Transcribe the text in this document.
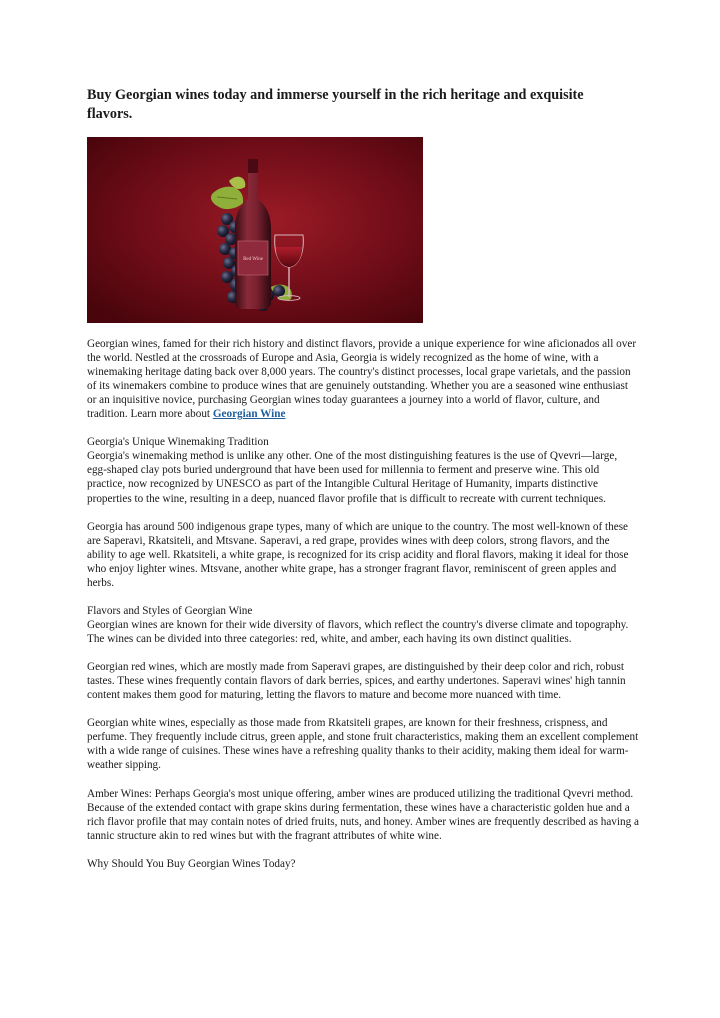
Buy Georgian wines today and immerse yourself in the rich heritage and exquisite flavors.
Red Wine

Georgian wines, famed for their rich history and distinct flavors, provide a unique experience for wine aficionados all over the world. Nestled at the crossroads of Europe and Asia, Georgia is widely recognized as the home of wine, with a winemaking heritage dating back over 8,000 years. The country's distinct processes, local grape varietals, and the passion of its winemakers combine to produce wines that are genuinely outstanding. Whether you are a seasoned wine enthusiast or an inquisitive novice, purchasing Georgian wines today guarantees a journey into a world of flavor, culture, and tradition. Learn more about Georgian Wine

Georgia's Unique Winemaking Tradition
Georgia's winemaking method is unlike any other. One of the most distinguishing features is the use of Qvevri—large, egg-shaped clay pots buried underground that have been used for millennia to ferment and preserve wine. This old practice, now recognized by UNESCO as part of the Intangible Cultural Heritage of Humanity, imparts distinctive properties to the wine, resulting in a deep, nuanced flavor profile that is difficult to recreate with current techniques.

Georgia has around 500 indigenous grape types, many of which are unique to the country. The most well-known of these are Saperavi, Rkatsiteli, and Mtsvane. Saperavi, a red grape, provides wines with deep colors, strong flavors, and the ability to age well. Rkatsiteli, a white grape, is recognized for its crisp acidity and floral flavors, making it ideal for those who enjoy lighter wines. Mtsvane, another white grape, has a stronger fragrant flavor, reminiscent of green apples and herbs.

Flavors and Styles of Georgian Wine
Georgian wines are known for their wide diversity of flavors, which reflect the country's diverse climate and topography. The wines can be divided into three categories: red, white, and amber, each having its own distinct qualities.

Georgian red wines, which are mostly made from Saperavi grapes, are distinguished by their deep color and rich, robust tastes. These wines frequently contain flavors of dark berries, spices, and earthy undertones. Saperavi wines' high tannin content makes them good for maturing, letting the flavors to mature and become more nuanced with time.

Georgian white wines, especially as those made from Rkatsiteli grapes, are known for their freshness, crispness, and perfume. They frequently include citrus, green apple, and stone fruit characteristics, making them an excellent complement with a wide range of cuisines. These wines have a refreshing quality thanks to their acidity, making them ideal for warm-weather sipping.

Amber Wines: Perhaps Georgia's most unique offering, amber wines are produced utilizing the traditional Qvevri method. Because of the extended contact with grape skins during fermentation, these wines have a characteristic golden hue and a rich flavor profile that may contain notes of dried fruits, nuts, and honey. Amber wines are frequently described as having a tannic structure akin to red wines but with the fragrant attributes of white wine.

Why Should You Buy Georgian Wines Today?
